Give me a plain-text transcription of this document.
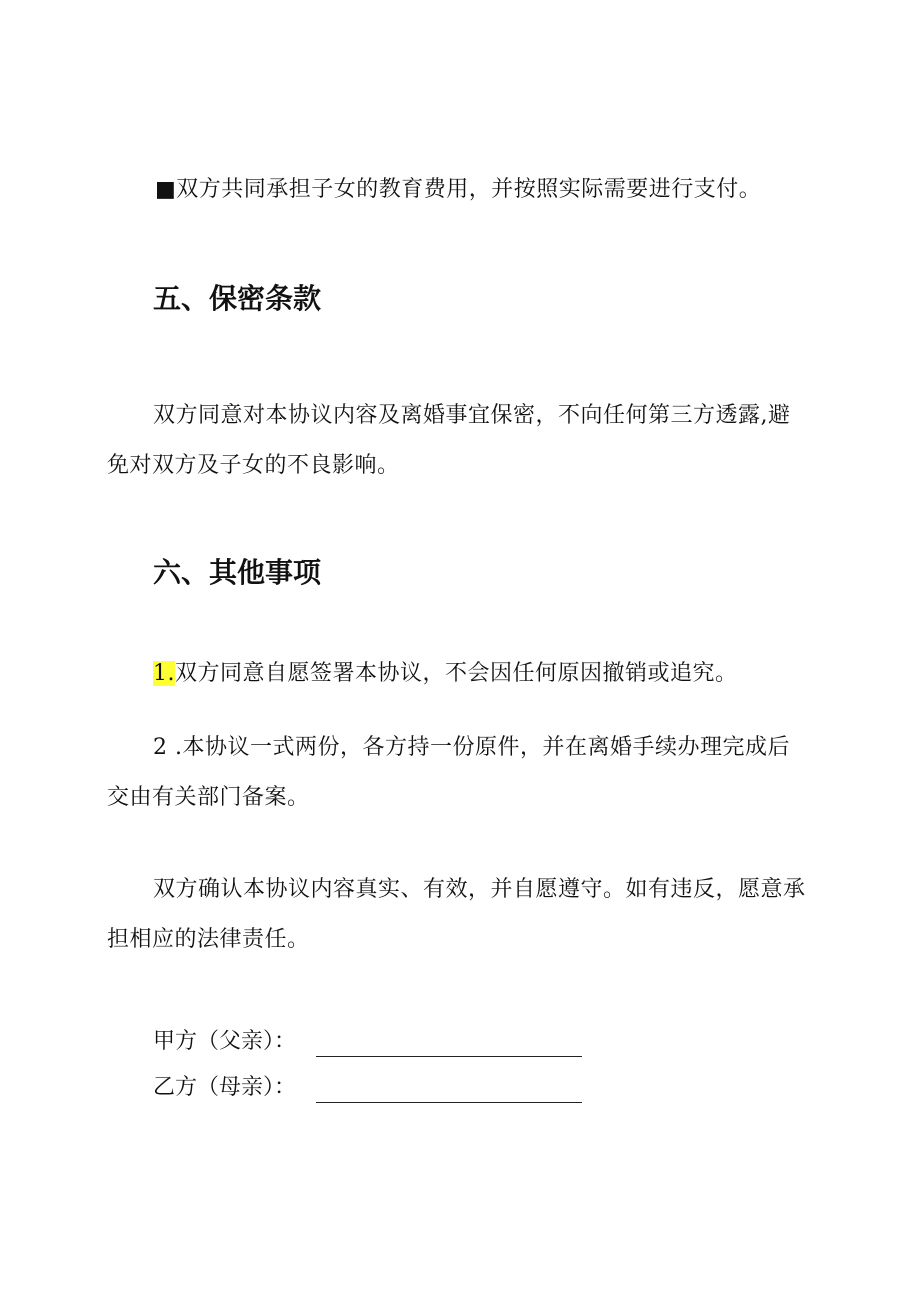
■双方共同承担子女的教育费用，并按照实际需要进行支付。
五、保密条款
双方同意对本协议内容及离婚事宜保密，不向任何第三方透露,避
免对双方及子女的不良影响。
六、其他事项
1.双方同意自愿签署本协议，不会因任何原因撤销或追究。
2 .本协议一式两份，各方持一份原件，并在离婚手续办理完成后
交由有关部门备案。
双方确认本协议内容真实、有效，并自愿遵守。如有违反，愿意承
担相应的法律责任。
甲方（父亲）：
乙方（母亲）：
